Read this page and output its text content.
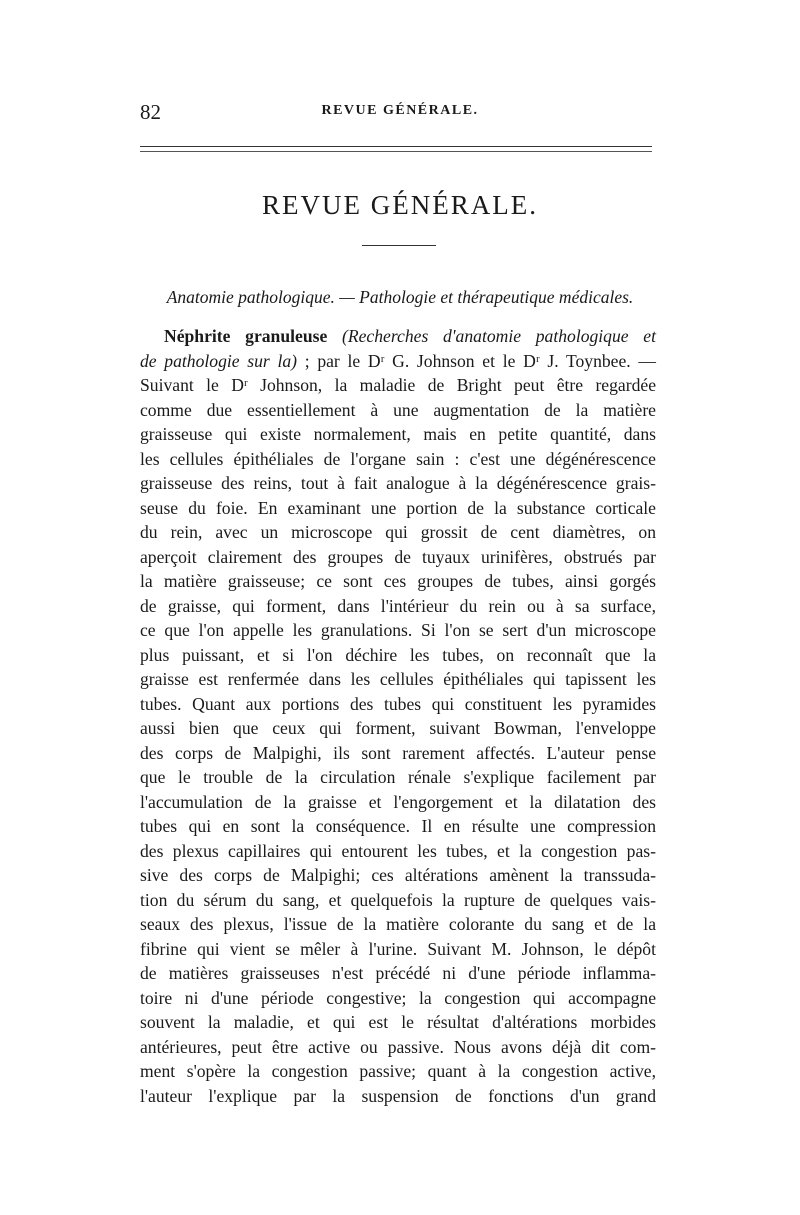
82	REVUE GÉNÉRALE.
REVUE GÉNÉRALE.
Anatomie pathologique. — Pathologie et thérapeutique médicales.
Néphrite granuleuse (Recherches d'anatomie pathologique et
de pathologie sur la) ; par le Dʳ G. Johnson et le Dʳ J. Toynbee. —
Suivant le Dʳ Johnson, la maladie de Bright peut être regardée
comme due essentiellement à une augmentation de la matière
graisseuse qui existe normalement, mais en petite quantité, dans
les cellules épithéliales de l'organe sain : c'est une dégénérescence
graisseuse des reins, tout à fait analogue à la dégénérescence grais-
seuse du foie. En examinant une portion de la substance corticale
du rein, avec un microscope qui grossit de cent diamètres, on
aperçoit clairement des groupes de tuyaux urinifères, obstrués par
la matière graisseuse; ce sont ces groupes de tubes, ainsi gorgés
de graisse, qui forment, dans l'intérieur du rein ou à sa surface,
ce que l'on appelle les granulations. Si l'on se sert d'un microscope
plus puissant, et si l'on déchire les tubes, on reconnaît que la
graisse est renfermée dans les cellules épithéliales qui tapissent les
tubes. Quant aux portions des tubes qui constituent les pyramides
aussi bien que ceux qui forment, suivant Bowman, l'enveloppe
des corps de Malpighi, ils sont rarement affectés. L'auteur pense
que le trouble de la circulation rénale s'explique facilement par
l'accumulation de la graisse et l'engorgement et la dilatation des
tubes qui en sont la conséquence. Il en résulte une compression
des plexus capillaires qui entourent les tubes, et la congestion pas-
sive des corps de Malpighi; ces altérations amènent la transsuda-
tion du sérum du sang, et quelquefois la rupture de quelques vais-
seaux des plexus, l'issue de la matière colorante du sang et de la
fibrine qui vient se mêler à l'urine. Suivant M. Johnson, le dépôt
de matières graisseuses n'est précédé ni d'une période inflamma-
toire ni d'une période congestive; la congestion qui accompagne
souvent la maladie, et qui est le résultat d'altérations morbides
antérieures, peut être active ou passive. Nous avons déjà dit com-
ment s'opère la congestion passive; quant à la congestion active,
l'auteur l'explique par la suspension de fonctions d'un grand
